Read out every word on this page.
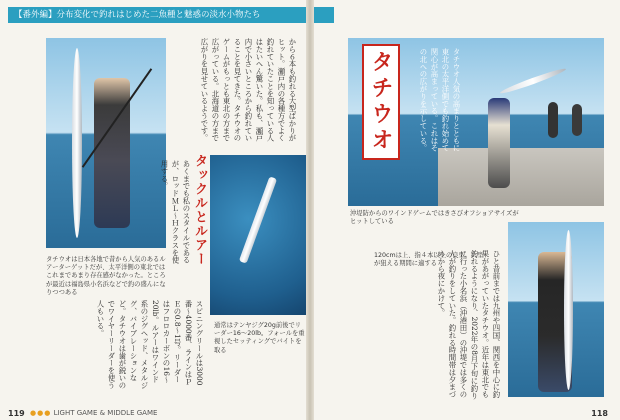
【番外編】分布変化で釣れはじめた二魚種と魅惑の淡水小物たち
タチウオは日本各地で昔から人気のあるルアーターゲットだが、太平洋側の東北ではこれまであまり存在感がなかった。ところが最近は福島県小名浜などで釣の盛んになりつつある
から６本も釣れる大型ばかりがヒット。瀬戸内の各種方でよく釣れていたことを知っている人はたいへん驚いた。私も、瀬戸内で小さいところから釣れていることを見てきた。タチウオのゲームがもっとも東北の方まで広がっている。北海道の方まで広がりを見せているようです。
タックルとルアー
あくまでも私のスタイルであるが、ロッドＭＬ～Ｈクラスを使用する。
通常はテンヤジグ20g前後でリーダー16～20lb。フォールを重視したセッティングでバイトを取る
スピニングリールは3000番～4000番、ラインはＰＥの0.8～1号。リーダーはフロロカーボンの16～20lb。ルアーはワインド系のジグヘッド、メタルジグ、バイブレーションなど。タチウオは歯が鋭いのでワイヤーリーダーを使う人もいる。
119 ●●● LIGHT GAME & MIDDLE GAME
タチウオ	タチウオ人気の高まりとともに東北の太平洋側でも釣れ始めて関心が高まっている。これはその北への広がりを示している。
沖堤防からのワインドゲームではきさびオフショアサイズがヒットしている
ひと昔前までは九州や四国、関西を中心に釣果があがっていたタチウオ。近年は東北でも釣れるようになり、2022年の8月下旬に釣りに行った小名浜（沖港田）の沖堤では多くの人が釣りをしていた。釣れる時間帯は夕まづめから夜にかけて。
120cmは上、指４本以上の良型。大型が狙える期間に適する
118
